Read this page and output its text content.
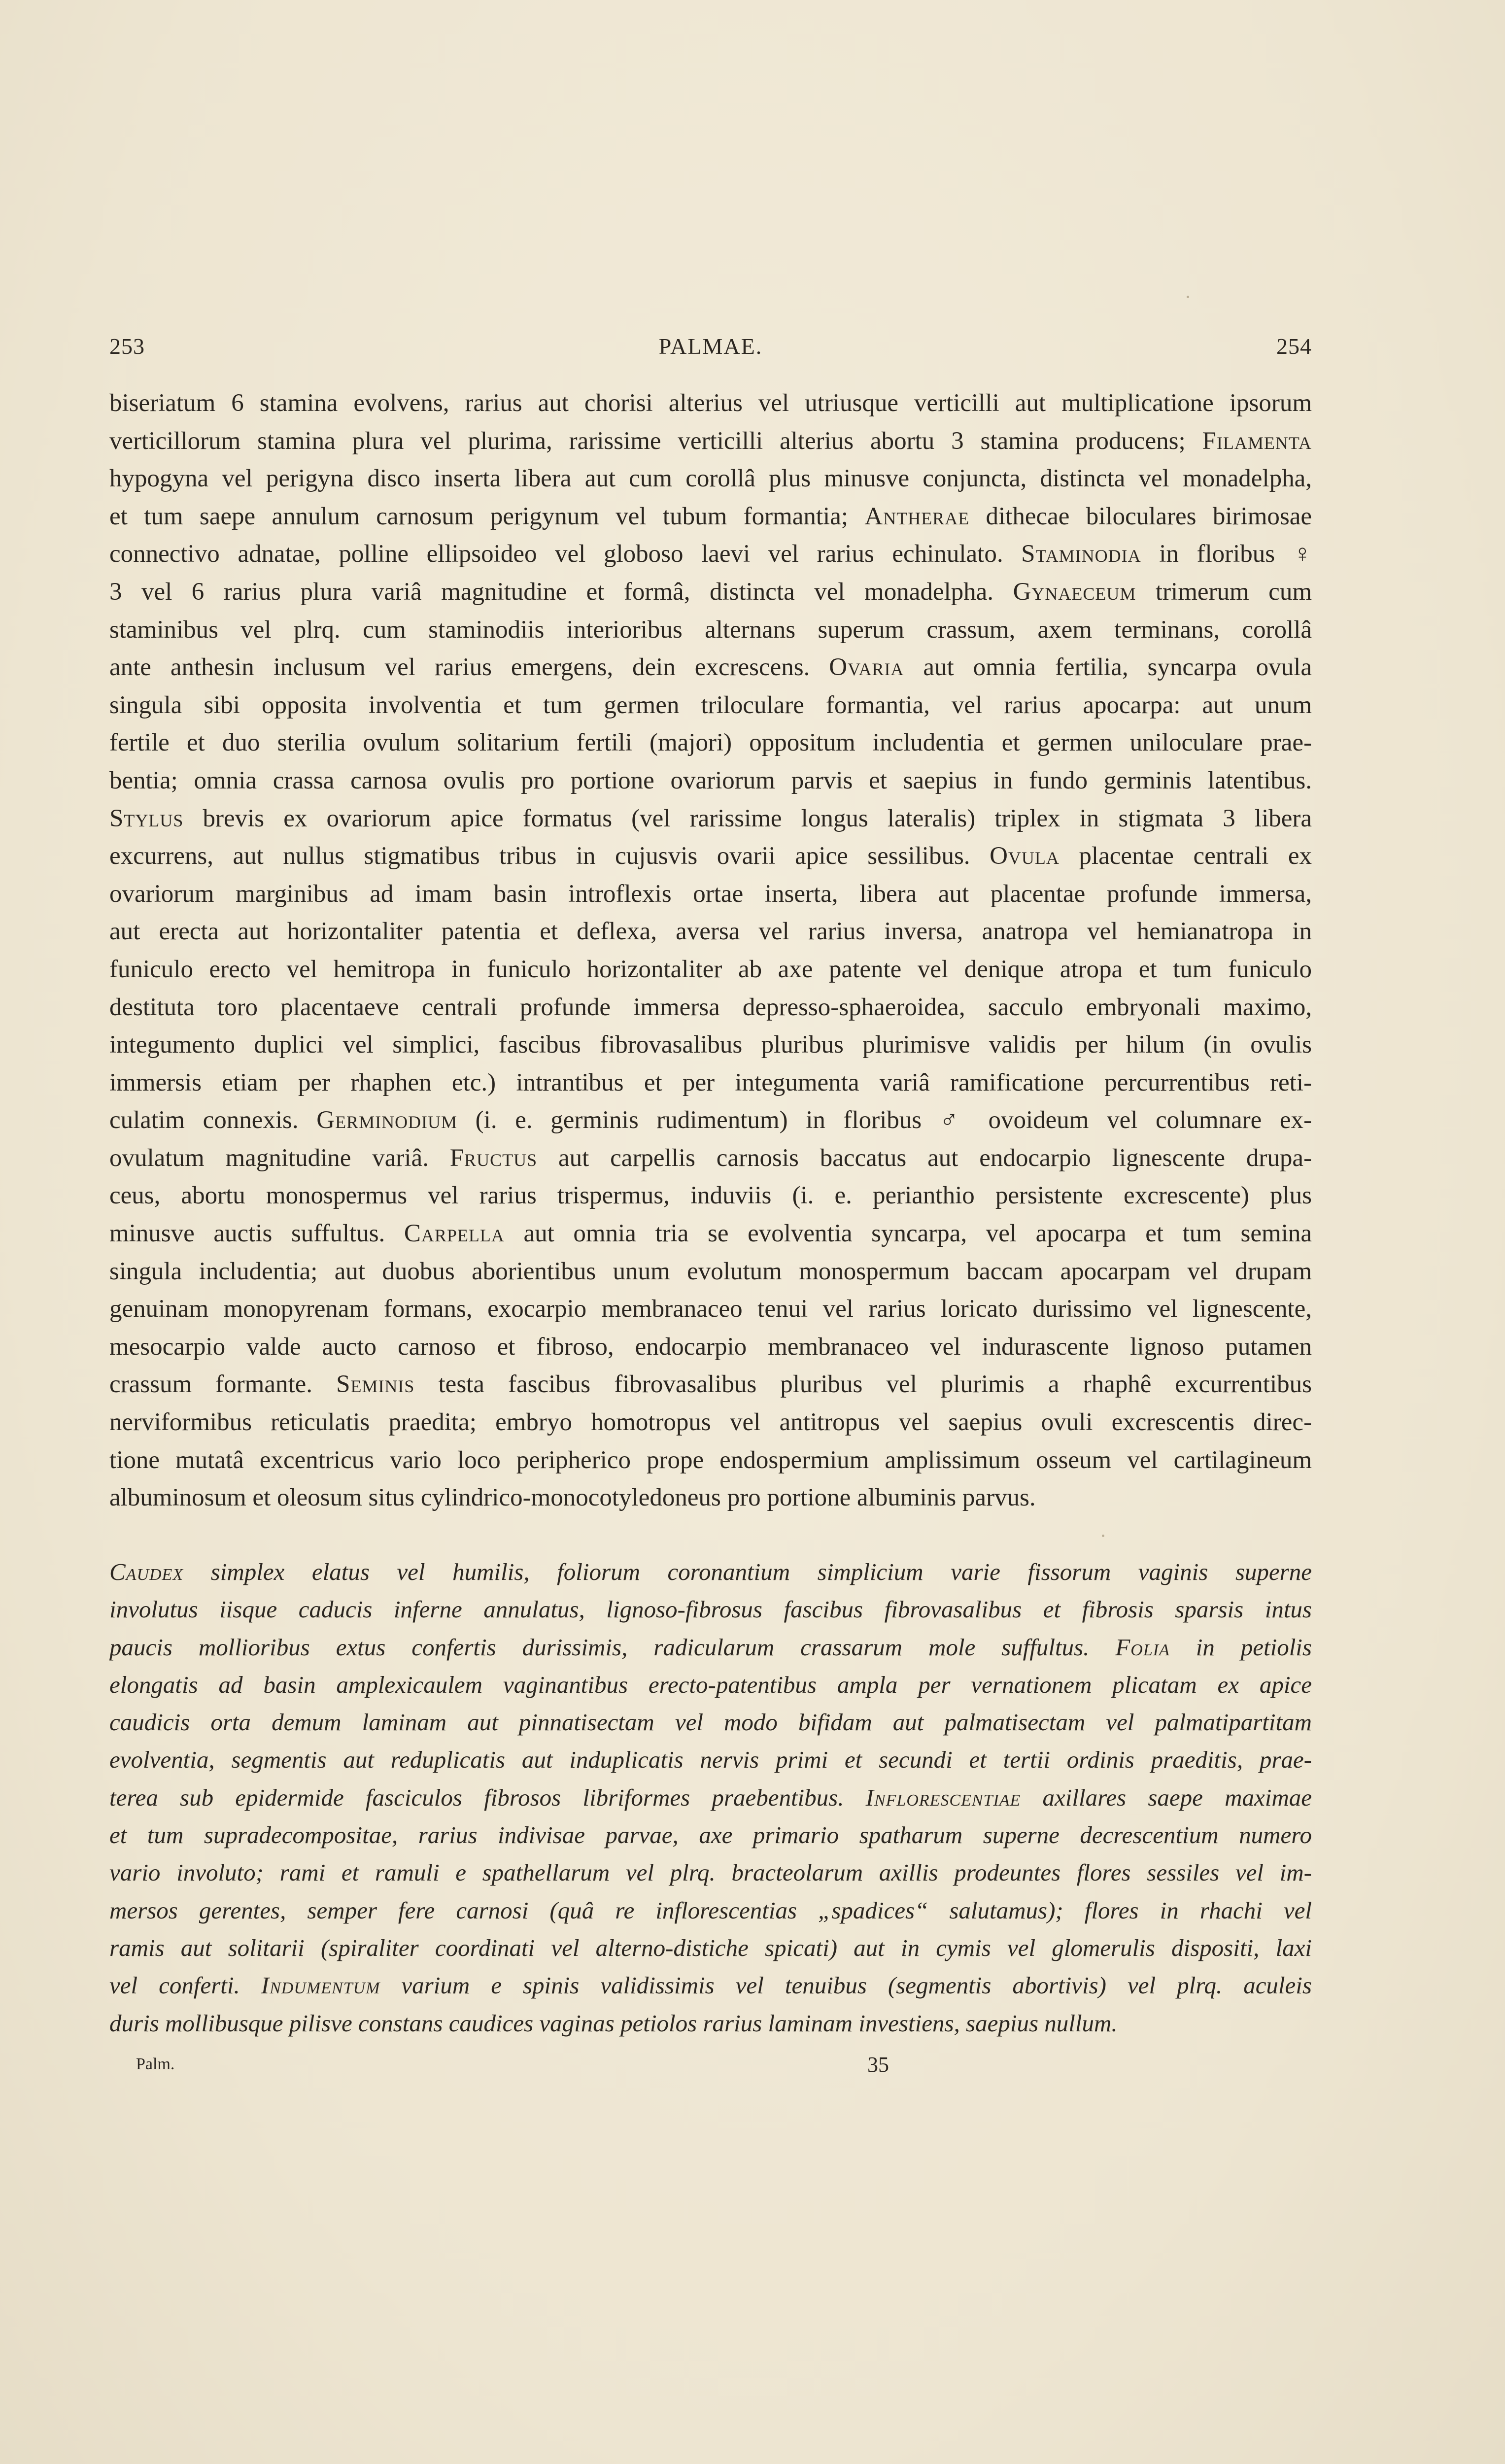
253	PALMAE.	254
biseriatum 6 stamina evolvens, rarius aut chorisi alterius vel utriusque verticilli aut multiplicatione ipsorum
verticillorum stamina plura vel plurima, rarissime verticilli alterius abortu 3 stamina producens; Filamenta
hypogyna vel perigyna disco inserta libera aut cum corollâ plus minusve conjuncta, distincta vel monadelpha,
et tum saepe annulum carnosum perigynum vel tubum formantia; Antherae dithecae biloculares birimosae
connectivo adnatae, polline ellipsoideo vel globoso laevi vel rarius echinulato. Staminodia in floribus ♀
3 vel 6 rarius plura variâ magnitudine et formâ, distincta vel monadelpha. Gynaeceum trimerum cum
staminibus vel plrq. cum staminodiis interioribus alternans superum crassum, axem terminans, corollâ
ante anthesin inclusum vel rarius emergens, dein excrescens. Ovaria aut omnia fertilia, syncarpa ovula
singula sibi opposita involventia et tum germen triloculare formantia, vel rarius apocarpa: aut unum
fertile et duo sterilia ovulum solitarium fertili (majori) oppositum includentia et germen uniloculare prae-
bentia; omnia crassa carnosa ovulis pro portione ovariorum parvis et saepius in fundo germinis latentibus.
Stylus brevis ex ovariorum apice formatus (vel rarissime longus lateralis) triplex in stigmata 3 libera
excurrens, aut nullus stigmatibus tribus in cujusvis ovarii apice sessilibus. Ovula placentae centrali ex
ovariorum marginibus ad imam basin introflexis ortae inserta, libera aut placentae profunde immersa,
aut erecta aut horizontaliter patentia et deflexa, aversa vel rarius inversa, anatropa vel hemianatropa in
funiculo erecto vel hemitropa in funiculo horizontaliter ab axe patente vel denique atropa et tum funiculo
destituta toro placentaeve centrali profunde immersa depresso-sphaeroidea, sacculo embryonali maximo,
integumento duplici vel simplici, fascibus fibrovasalibus pluribus plurimisve validis per hilum (in ovulis
immersis etiam per rhaphen etc.) intrantibus et per integumenta variâ ramificatione percurrentibus reti-
culatim connexis. Germinodium (i. e. germinis rudimentum) in floribus ♂ ovoideum vel columnare ex-
ovulatum magnitudine variâ. Fructus aut carpellis carnosis baccatus aut endocarpio lignescente drupa-
ceus, abortu monospermus vel rarius trispermus, induviis (i. e. perianthio persistente excrescente) plus
minusve auctis suffultus. Carpella aut omnia tria se evolventia syncarpa, vel apocarpa et tum semina
singula includentia; aut duobus aborientibus unum evolutum monospermum baccam apocarpam vel drupam
genuinam monopyrenam formans, exocarpio membranaceo tenui vel rarius loricato durissimo vel lignescente,
mesocarpio valde aucto carnoso et fibroso, endocarpio membranaceo vel indurascente lignoso putamen
crassum formante. Seminis testa fascibus fibrovasalibus pluribus vel plurimis a rhaphê excurrentibus
nerviformibus reticulatis praedita; embryo homotropus vel antitropus vel saepius ovuli excrescentis direc-
tione mutatâ excentricus vario loco peripherico prope endospermium amplissimum osseum vel cartilagineum
albuminosum et oleosum situs cylindrico-monocotyledoneus pro portione albuminis parvus.
Caudex simplex elatus vel humilis, foliorum coronantium simplicium varie fissorum vaginis superne
involutus iisque caducis inferne annulatus, lignoso-fibrosus fascibus fibrovasalibus et fibrosis sparsis intus
paucis mollioribus extus confertis durissimis, radicularum crassarum mole suffultus. Folia in petiolis
elongatis ad basin amplexicaulem vaginantibus erecto-patentibus ampla per vernationem plicatam ex apice
caudicis orta demum laminam aut pinnatisectam vel modo bifidam aut palmatisectam vel palmatipartitam
evolventia, segmentis aut reduplicatis aut induplicatis nervis primi et secundi et tertii ordinis praeditis, prae-
terea sub epidermide fasciculos fibrosos libriformes praebentibus. Inflorescentiae axillares saepe maximae
et tum supradecompositae, rarius indivisae parvae, axe primario spatharum superne decrescentium numero
vario involuto; rami et ramuli e spathellarum vel plrq. bracteolarum axillis prodeuntes flores sessiles vel im-
mersos gerentes, semper fere carnosi (quâ re inflorescentias „spadices“ salutamus); flores in rhachi vel
ramis aut solitarii (spiraliter coordinati vel alterno-distiche spicati) aut in cymis vel glomerulis dispositi, laxi
vel conferti. Indumentum varium e spinis validissimis vel tenuibus (segmentis abortivis) vel plrq. aculeis
duris mollibusque pilisve constans caudices vaginas petiolos rarius laminam investiens, saepius nullum.
Palm.	35
